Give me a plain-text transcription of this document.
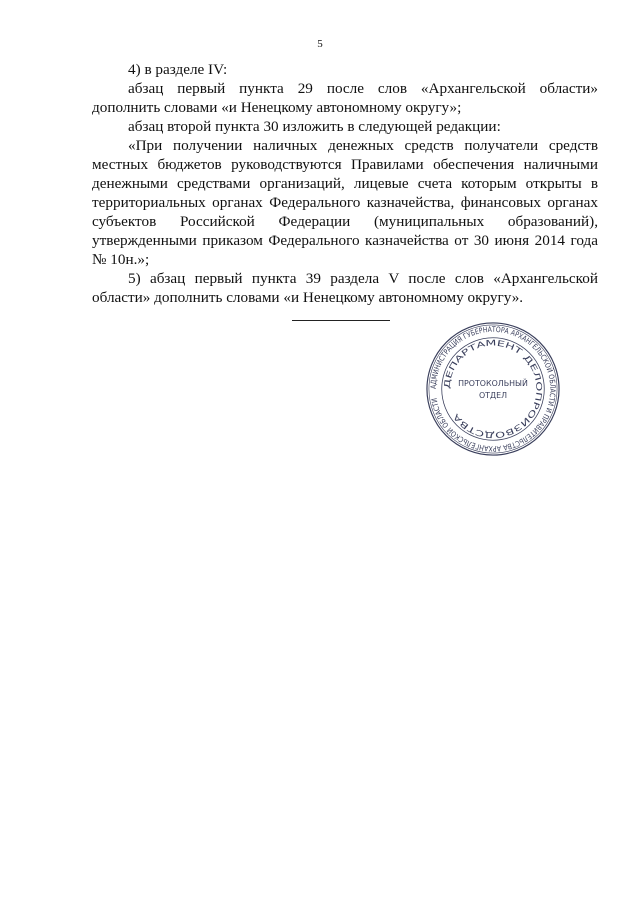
5

4) в разделе IV:

абзац первый пункта 29 после слов «Архангельской области» дополнить словами «и Ненецкому автономному округу»;

абзац второй пункта 30 изложить в следующей редакции:

«При получении наличных денежных средств получатели средств местных бюджетов руководствуются Правилами обеспечения наличными денежными средствами организаций, лицевые счета которым открыты в территориальных органах Федерального казначейства, финансовых органах субъектов Российской Федерации (муниципальных образований), утвержденными приказом Федерального казначейства от 30 июня 2014 года № 10н.»;

5) абзац первый пункта 39 раздела V после слов «Архангельской области» дополнить словами «и Ненецкому автономному округу».

АДМИНИСТРАЦИЯ ГУБЕРНАТОРА АРХАНГЕЛЬСКОЙ ОБЛАСТИ И ПРАВИТЕЛЬСТВА АРХАНГЕЛЬСКОЙ ОБЛАСТИ
ДЕПАРТАМЕНТ ДЕЛОПРОИЗВОДСТВА
ПРОТОКОЛЬНЫЙ
ОТДЕЛ
